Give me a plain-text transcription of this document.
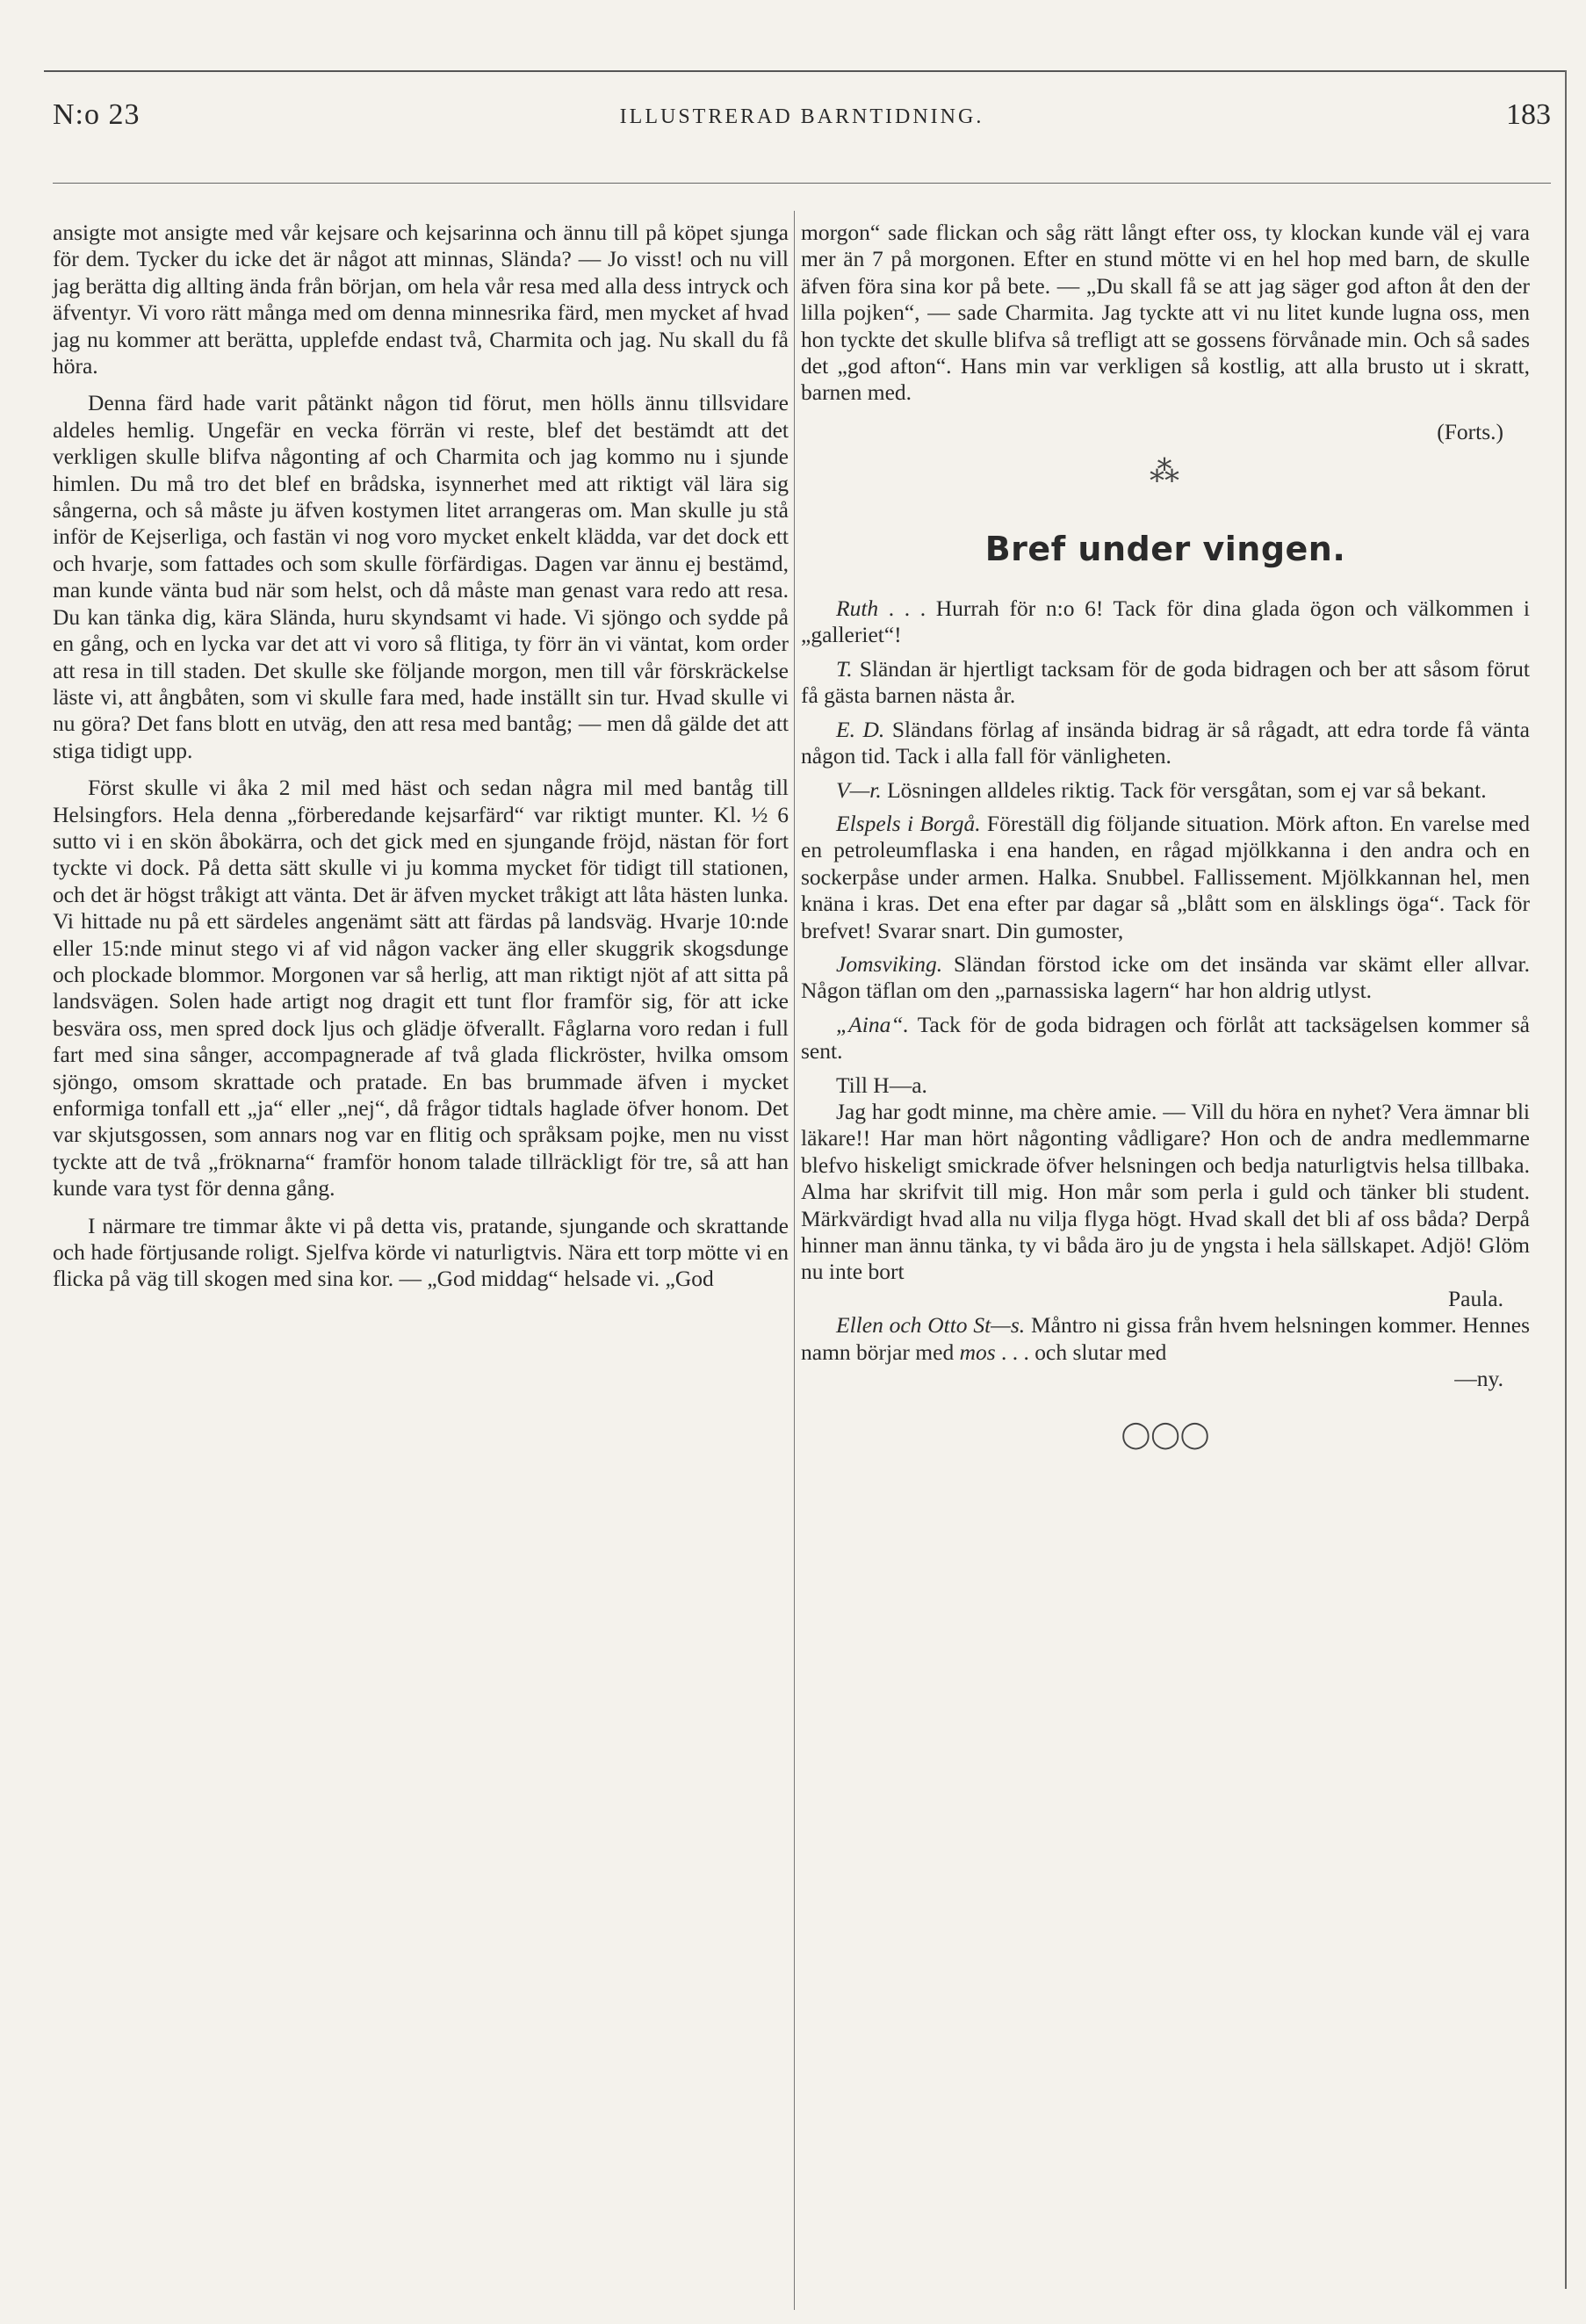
N:o 23	ILLUSTRERAD BARNTIDNING.	183

ansigte mot ansigte med vår kejsare och kejsarinna och ännu till på köpet sjunga för dem. Tycker du icke det är något att minnas, Slända? — Jo visst! och nu vill jag berätta dig allting ända från början, om hela vår resa med alla dess intryck och äfventyr. Vi voro rätt många med om denna minnesrika färd, men mycket af hvad jag nu kommer att berätta, upplefde endast två, Charmita och jag. Nu skall du få höra.

Denna färd hade varit påtänkt någon tid förut, men hölls ännu tillsvidare aldeles hemlig. Ungefär en vecka förrän vi reste, blef det bestämdt att det verkligen skulle blifva någonting af och Charmita och jag kommo nu i sjunde himlen. Du må tro det blef en brådska, isynnerhet med att riktigt väl lära sig sångerna, och så måste ju äfven kostymen litet arrangeras om. Man skulle ju stå inför de Kejserliga, och fastän vi nog voro mycket enkelt klädda, var det dock ett och hvarje, som fattades och som skulle förfärdigas. Dagen var ännu ej bestämd, man kunde vänta bud när som helst, och då måste man genast vara redo att resa. Du kan tänka dig, kära Slända, huru skyndsamt vi hade. Vi sjöngo och sydde på en gång, och en lycka var det att vi voro så flitiga, ty förr än vi väntat, kom order att resa in till staden. Det skulle ske följande morgon, men till vår förskräckelse läste vi, att ångbåten, som vi skulle fara med, hade inställt sin tur. Hvad skulle vi nu göra? Det fans blott en utväg, den att resa med bantåg; — men då gälde det att stiga tidigt upp.

Först skulle vi åka 2 mil med häst och sedan några mil med bantåg till Helsingfors. Hela denna „förberedande kejsarfärd“ var riktigt munter. Kl. ½ 6 sutto vi i en skön åbokärra, och det gick med en sjungande fröjd, nästan för fort tyckte vi dock. På detta sätt skulle vi ju komma mycket för tidigt till stationen, och det är högst tråkigt att vänta. Det är äfven mycket tråkigt att låta hästen lunka. Vi hittade nu på ett särdeles angenämt sätt att färdas på landsväg. Hvarje 10:nde eller 15:nde minut stego vi af vid någon vacker äng eller skuggrik skogsdunge och plockade blommor. Morgonen var så herlig, att man riktigt njöt af att sitta på landsvägen. Solen hade artigt nog dragit ett tunt flor framför sig, för att icke besvära oss, men spred dock ljus och glädje öfverallt. Fåglarna voro redan i full fart med sina sånger, accompagnerade af två glada flickröster, hvilka omsom sjöngo, omsom skrattade och pratade. En bas brummade äfven i mycket enformiga tonfall ett „ja“ eller „nej“, då frågor tidtals haglade öfver honom. Det var skjutsgossen, som annars nog var en flitig och språksam pojke, men nu visst tyckte att de två „fröknarna“ framför honom talade tillräckligt för tre, så att han kunde vara tyst för denna gång.

I närmare tre timmar åkte vi på detta vis, pratande, sjungande och skrattande och hade förtjusande roligt. Sjelfva körde vi naturligtvis. Nära ett torp mötte vi en flicka på väg till skogen med sina kor. — „God middag“ helsade vi. „God

morgon“ sade flickan och såg rätt långt efter oss, ty klockan kunde väl ej vara mer än 7 på morgonen. Efter en stund mötte vi en hel hop med barn, de skulle äfven föra sina kor på bete. — „Du skall få se att jag säger god afton åt den der lilla pojken“, — sade Charmita. Jag tyckte att vi nu litet kunde lugna oss, men hon tyckte det skulle blifva så trefligt att se gossens förvånade min. Och så sades det „god afton“. Hans min var verkligen så kostlig, att alla brusto ut i skratt, barnen med.

(Forts.)

⁂
Bref under vingen.

Ruth . . . Hurrah för n:o 6! Tack för dina glada ögon och välkommen i „galleriet“!

T. Sländan är hjertligt tacksam för de goda bidragen och ber att såsom förut få gästa barnen nästa år.

E. D. Sländans förlag af insända bidrag är så rågadt, att edra torde få vänta någon tid. Tack i alla fall för vänligheten.

V—r. Lösningen alldeles riktig. Tack för versgåtan, som ej var så bekant.

Elspels i Borgå. Föreställ dig följande situation. Mörk afton. En varelse med en petroleumflaska i ena handen, en rågad mjölkkanna i den andra och en sockerpåse under armen. Halka. Snubbel. Fallissement. Mjölkkannan hel, men knäna i kras. Det ena efter par dagar så „blått som en älsklings öga“. Tack för brefvet! Svarar snart. Din gumoster,

Jomsviking. Sländan förstod icke om det insända var skämt eller allvar. Någon täflan om den „parnassiska lagern“ har hon aldrig utlyst.

„Aina“. Tack för de goda bidragen och förlåt att tacksägelsen kommer så sent.

Till H—a.

Jag har godt minne, ma chère amie. — Vill du höra en nyhet? Vera ämnar bli läkare!! Har man hört någonting vådligare? Hon och de andra medlemmarne blefvo hiskeligt smickrade öfver helsningen och bedja naturligtvis helsa tillbaka. Alma har skrifvit till mig. Hon mår som perla i guld och tänker bli student. Märkvärdigt hvad alla nu vilja flyga högt. Hvad skall det bli af oss båda? Derpå hinner man ännu tänka, ty vi båda äro ju de yngsta i hela sällskapet. Adjö! Glöm nu inte bort

Paula.

Ellen och Otto St—s. Måntro ni gissa från hvem helsningen kommer. Hennes namn börjar med mos . . . och slutar med

—ny.

◯◯◯
